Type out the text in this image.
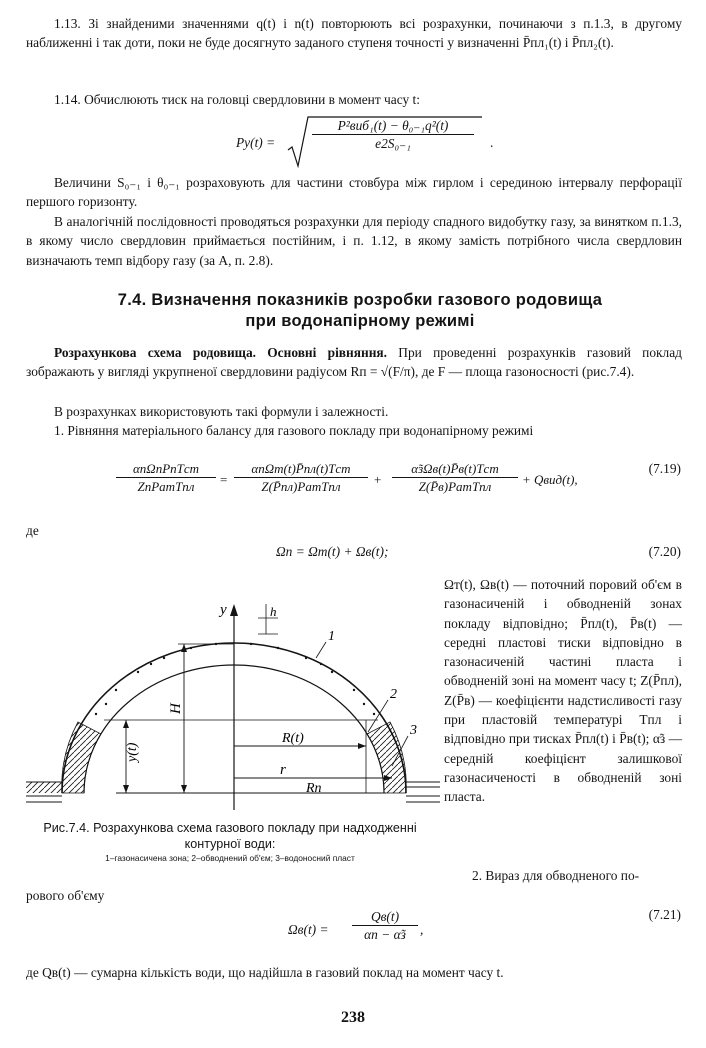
1.13. Зі знайденими значеннями q(t) і n(t) повторюють всі розрахунки, починаючи з п.1.3, в другому наближенні і так доти, поки не буде досягнуто заданого ступеня точності у визначенні P̄пл₁(t) і P̄пл₂(t).

1.14. Обчислюють тиск на головці свердловини в момент часу t:

Pу(t) =
P²виб₁(t) − θ₀₋₁q²(t)
e2S₀₋₁	.

Величини S₀₋₁ і θ₀₋₁ розраховують для частини стовбура між гирлом і серединою інтервалу перфорації першого горизонту.

В аналогічній послідовності проводяться розрахунки для періоду спадного видобутку газу, за винятком п.1.3, в якому число свердловин приймається постійним, і п. 1.12, в якому замість потрібного числа свердловин визначають темп відбору газу (за A, п. 2.8).

7.4. Визначення показників розробки газового родовища
при водонапірному режимі

Розрахункова схема родовища. Основні рівняння. При проведенні розрахунків газовий поклад зображають у вигляді укрупненої свердловини радіусом Rп = √(F/π), де F — площа газоносності (рис.7.4).

В розрахунках використовують такі формули і залежності.

1. Рівняння матеріального балансу для газового покладу при водонапірному режимі

αпΩпPпTст
ZпPатTпл	=
αпΩт(t)P̄пл(t)Tст
Z(P̄пл)PатTпл	+
α̃зΩв(t)P̄в(t)Tст
Z(P̄в)PатTпл	+ Qвид(t),
(7.19)

де

Ωп = Ωт(t) + Ωв(t);	(7.20)
y	h
H
y(t)
R(t)
r
Rп
1
2
3
Рис.7.4. Розрахункова схема газового покладу при надходженні контурної води:
1–газонасичена зона; 2–обводнений об'єм; 3–водоносний пласт

Ωт(t), Ωв(t) — поточний поровий об'єм в газонасиченій і обводненій зонах покладу відповідно; P̄пл(t), P̄в(t) — середні пластові тиски відповідно в газонасиченій частині пласта і обводненій зоні на момент часу t; Z(P̄пл), Z(P̄в) — коефіцієнти надстисливості газу при пластовій температурі Tпл і відповідно при тисках P̄пл(t) і P̄в(t); α̃з — середній коефіцієнт залишкової газонасиченості в обводненій зоні пласта.

2. Вираз для обводненого по-

рового об'єму

Ωв(t) =
Qв(t)
αп − α̃з	,
(7.21)

де Qв(t) — сумарна кількість води, що надійшла в газовий поклад на момент часу t.

238
